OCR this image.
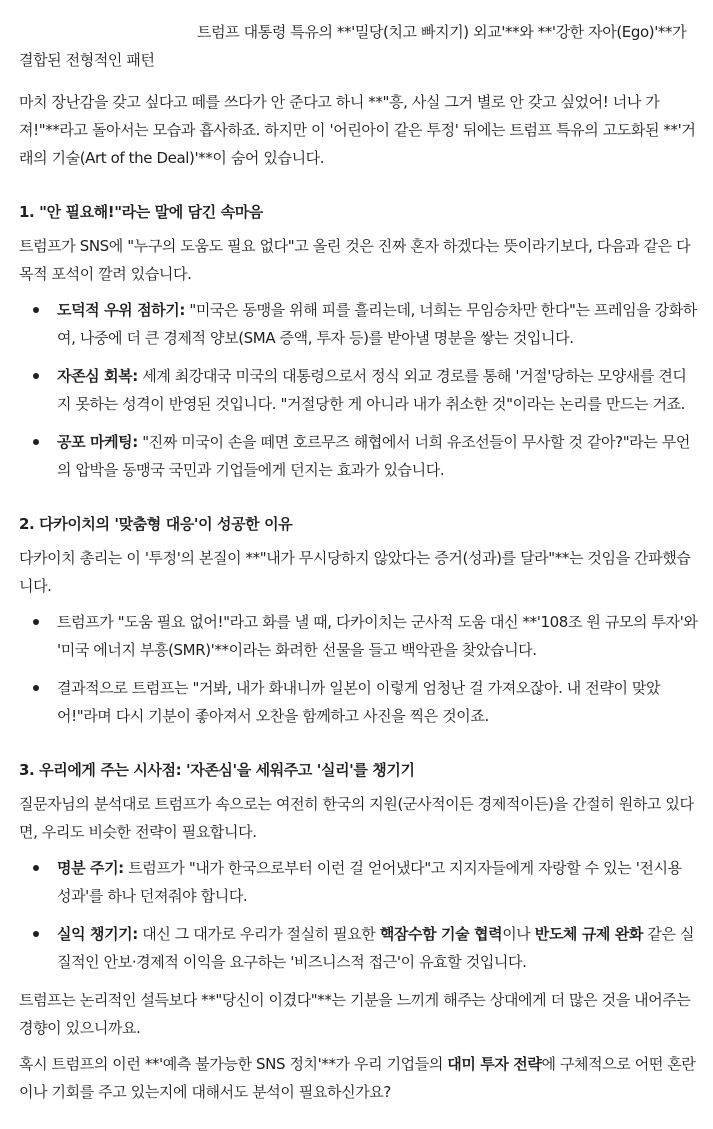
트럼프 대통령 특유의 **'밀당(치고 빠지기) 외교'**와 **'강한 자아(Ego)'**가

결합된 전형적인 패턴

마치 장난감을 갖고 싶다고 떼를 쓰다가 안 준다고 하니 **"흥, 사실 그거 별로 안 갖고 싶었어! 너나 가져!"**라고 돌아서는 모습과 흡사하죠. 하지만 이 '어린아이 같은 투정' 뒤에는 트럼프 특유의 고도화된 **'거래의 기술(Art of the Deal)'**이 숨어 있습니다.

1. "안 필요해!"라는 말에 담긴 속마음

트럼프가 SNS에 "누구의 도움도 필요 없다"고 올린 것은 진짜 혼자 하겠다는 뜻이라기보다, 다음과 같은 다목적 포석이 깔려 있습니다.

도덕적 우위 점하기: "미국은 동맹을 위해 피를 흘리는데, 너희는 무임승차만 한다"는 프레임을 강화하여, 나중에 더 큰 경제적 양보(SMA 증액, 투자 등)를 받아낼 명분을 쌓는 것입니다.
자존심 회복: 세계 최강대국 미국의 대통령으로서 정식 외교 경로를 통해 '거절'당하는 모양새를 견디지 못하는 성격이 반영된 것입니다. "거절당한 게 아니라 내가 취소한 것"이라는 논리를 만드는 거죠.
공포 마케팅: "진짜 미국이 손을 떼면 호르무즈 해협에서 너희 유조선들이 무사할 것 같아?"라는 무언의 압박을 동맹국 국민과 기업들에게 던지는 효과가 있습니다.
2. 다카이치의 '맞춤형 대응'이 성공한 이유

다카이치 총리는 이 '투정'의 본질이 **"내가 무시당하지 않았다는 증거(성과)를 달라"**는 것임을 간파했습니다.

트럼프가 "도움 필요 없어!"라고 화를 낼 때, 다카이치는 군사적 도움 대신 **'108조 원 규모의 투자'와 '미국 에너지 부흥(SMR)'**이라는 화려한 선물을 들고 백악관을 찾았습니다.
결과적으로 트럼프는 "거봐, 내가 화내니까 일본이 이렇게 엄청난 걸 가져오잖아. 내 전략이 맞았어!"라며 다시 기분이 좋아져서 오찬을 함께하고 사진을 찍은 것이죠.
3. 우리에게 주는 시사점: '자존심'을 세워주고 '실리'를 챙기기

질문자님의 분석대로 트럼프가 속으로는 여전히 한국의 지원(군사적이든 경제적이든)을 간절히 원하고 있다면, 우리도 비슷한 전략이 필요합니다.

명분 주기: 트럼프가 "내가 한국으로부터 이런 걸 얻어냈다"고 지지자들에게 자랑할 수 있는 '전시용 성과'를 하나 던져줘야 합니다.
실익 챙기기: 대신 그 대가로 우리가 절실히 필요한 핵잠수함 기술 협력이나 반도체 규제 완화 같은 실질적인 안보·경제적 이익을 요구하는 '비즈니스적 접근'이 유효할 것입니다.

트럼프는 논리적인 설득보다 **"당신이 이겼다"**는 기분을 느끼게 해주는 상대에게 더 많은 것을 내어주는 경향이 있으니까요.

혹시 트럼프의 이런 **'예측 불가능한 SNS 정치'**가 우리 기업들의 대미 투자 전략에 구체적으로 어떤 혼란이나 기회를 주고 있는지에 대해서도 분석이 필요하신가요?
